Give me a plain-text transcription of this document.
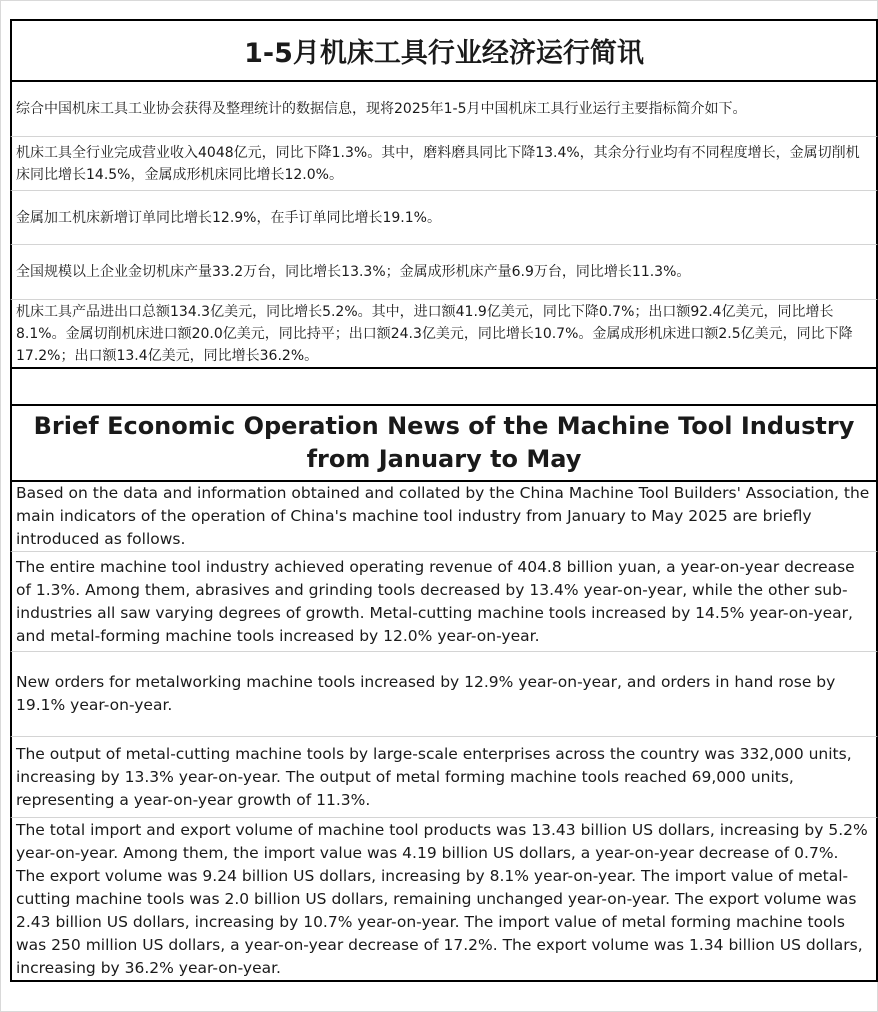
1-5月机床工具行业经济运行简讯
综合中国机床工具工业协会获得及整理统计的数据信息，现将2025年1-5月中国机床工具行业运行主要指标简介如下。
机床工具全行业完成营业收入4048亿元，同比下降1.3%。其中，磨料磨具同比下降13.4%，其余分行业均有不同程度增长，金属切削机床同比增长14.5%，金属成形机床同比增长12.0%。
金属加工机床新增订单同比增长12.9%，在手订单同比增长19.1%。
全国规模以上企业金切机床产量33.2万台，同比增长13.3%；金属成形机床产量6.9万台，同比增长11.3%。
机床工具产品进出口总额134.3亿美元，同比增长5.2%。其中，进口额41.9亿美元，同比下降0.7%；出口额92.4亿美元，同比增长8.1%。金属切削机床进口额20.0亿美元，同比持平；出口额24.3亿美元，同比增长10.7%。金属成形机床进口额2.5亿美元，同比下降17.2%；出口额13.4亿美元，同比增长36.2%。
Brief Economic Operation News of the Machine Tool Industry from January to May
Based on the data and information obtained and collated by the China Machine Tool Builders' Association, the main indicators of the operation of China's machine tool industry from January to May 2025 are briefly introduced as follows.
The entire machine tool industry achieved operating revenue of 404.8 billion yuan, a year-on-year decrease of 1.3%. Among them, abrasives and grinding tools decreased by 13.4% year-on-year, while the other sub-industries all saw varying degrees of growth. Metal-cutting machine tools increased by 14.5% year-on-year, and metal-forming machine tools increased by 12.0% year-on-year.
New orders for metalworking machine tools increased by 12.9% year-on-year, and orders in hand rose by 19.1% year-on-year.
The output of metal-cutting machine tools by large-scale enterprises across the country was 332,000 units, increasing by 13.3% year-on-year. The output of metal forming machine tools reached 69,000 units, representing a year-on-year growth of 11.3%.
The total import and export volume of machine tool products was 13.43 billion US dollars, increasing by 5.2% year-on-year. Among them, the import value was 4.19 billion US dollars, a year-on-year decrease of 0.7%. The export volume was 9.24 billion US dollars, increasing by 8.1% year-on-year. The import value of metal-cutting machine tools was 2.0 billion US dollars, remaining unchanged year-on-year. The export volume was 2.43 billion US dollars, increasing by 10.7% year-on-year. The import value of metal forming machine tools was 250 million US dollars, a year-on-year decrease of 17.2%. The export volume was 1.34 billion US dollars, increasing by 36.2% year-on-year.
